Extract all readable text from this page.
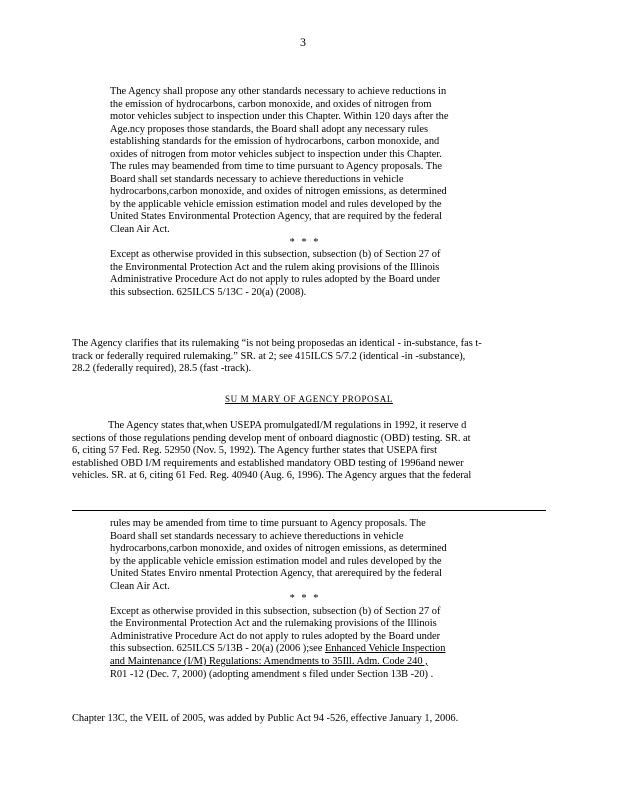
3
The Agency shall propose any other standards necessary to achieve reductions in
the emission of hydrocarbons, carbon monoxide, and oxides of nitrogen from
motor vehicles subject to inspection under this Chapter. Within 120 days after the
Age.ncy proposes those standards, the Board shall adopt any necessary rules
establishing standards for the emission of hydrocarbons, carbon monoxide, and
oxides of nitrogen from motor vehicles subject to inspection under this Chapter.
The rules may beamended from time to time pursuant to Agency proposals. The
Board shall set standards necessary to achieve thereductions in vehicle
hydrocarbons,carbon monoxide, and oxides of nitrogen emissions, as determined
by the applicable vehicle emission estimation model and rules developed by the
United States Environmental Protection Agency, that are required by the federal
Clean Air Act.
* * *
Except as otherwise provided in this subsection, subsection (b) of Section 27 of
the Environmental Protection Act and the rulem aking provisions of the Illinois
Administrative Procedure Act do not apply to rules adopted by the Board under
this subsection. 625ILCS 5/13C - 20(a) (2008).
The Agency clarifies that its rulemaking “is not being proposedas an identical - in-substance, fas t-
track or federally required rulemaking.” SR. at 2; see 415ILCS 5/7.2 (identical -in -substance),
28.2 (federally required), 28.5 (fast -track).
SU M MARY OF AGENCY PROPOSAL
The Agency states that,when USEPA promulgatedI/M regulations in 1992, it reserve d
sections of those regulations pending develop ment of onboard diagnostic (OBD) testing. SR. at
6, citing 57 Fed. Reg. 52950 (Nov. 5, 1992). The Agency further states that USEPA first
established OBD I/M requirements and established mandatory OBD testing of 1996and newer
vehicles. SR. at 6, citing 61 Fed. Reg. 40940 (Aug. 6, 1996). The Agency argues that the federal
rules may be amended from time to time pursuant to Agency proposals. The
Board shall set standards necessary to achieve thereductions in vehicle
hydrocarbons,carbon monoxide, and oxides of nitrogen emissions, as determined
by the applicable vehicle emission estimation model and rules developed by the
United States Enviro nmental Protection Agency, that arerequired by the federal
Clean Air Act.
* * *
Except as otherwise provided in this subsection, subsection (b) of Section 27 of
the Environmental Protection Act and the rulemaking provisions of the Illinois
Administrative Procedure Act do not apply to rules adopted by the Board under
this subsection. 625ILCS 5/13B - 20(a) (2006 );see Enhanced Vehicle Inspection
and Maintenance (I/M) Regulations: Amendments to 35Ill. Adm. Code 240 ,
R01 -12 (Dec. 7, 2000) (adopting amendment s filed under Section 13B -20) .
Chapter 13C, the VEIL of 2005, was added by Public Act 94 -526, effective January 1, 2006.
